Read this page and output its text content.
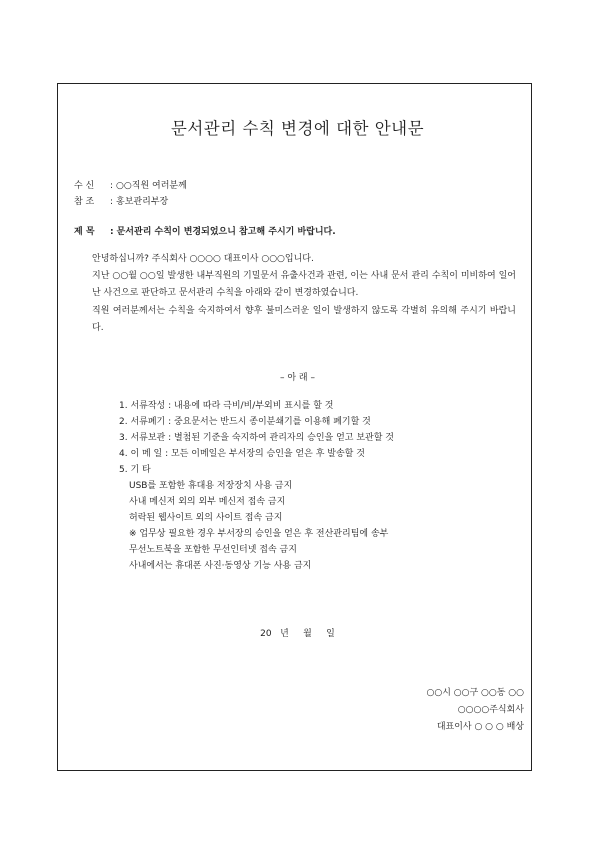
문서관리 수칙 변경에 대한 안내문
수 신 : ○○직원 여러분께
참 조 : 홍보관리부장
제 목 : 문서관리 수칙이 변경되었으니 참고해 주시기 바랍니다.

안녕하십니까? 주식회사 ○○○○ 대표이사 ○○○입니다.

지난 ○○월 ○○일 발생한 내부직원의 기밀문서 유출사건과 관련, 이는 사내 문서 관리 수칙이 미비하여 일어난 사건으로 판단하고 문서관리 수칙을 아래와 같이 변경하였습니다.

직원 여러분께서는 수칙을 숙지하여서 향후 불미스러운 일이 발생하지 않도록 각별히 유의해 주시기 바랍니다.

– 아 래 –
1. 서류작성 : 내용에 따라 극비/비/부외비 표시를 할 것
2. 서류폐기 : 중요문서는 반드시 종이분쇄기를 이용해 폐기할 것
3. 서류보관 : 별첨된 기준을 숙지하여 관리자의 승인을 얻고 보관할 것
4. 이 메 일 : 모든 이메일은 부서장의 승인을 얻은 후 발송할 것
5. 기 타
USB를 포함한 휴대용 저장장치 사용 금지
사내 메신저 외의 외부 메신저 접속 금지
허락된 웹사이트 외의 사이트 접속 금지
※ 업무상 필요한 경우 부서장의 승인을 얻은 후 전산관리팀에 송부
무선노트북을 포함한 무선인터넷 접속 금지
사내에서는 휴대폰 사진·동영상 기능 사용 금지
20   년     월     일
○○시 ○○구 ○○동 ○○
○○○○주식회사
대표이사 ○ ○ ○ 배상
